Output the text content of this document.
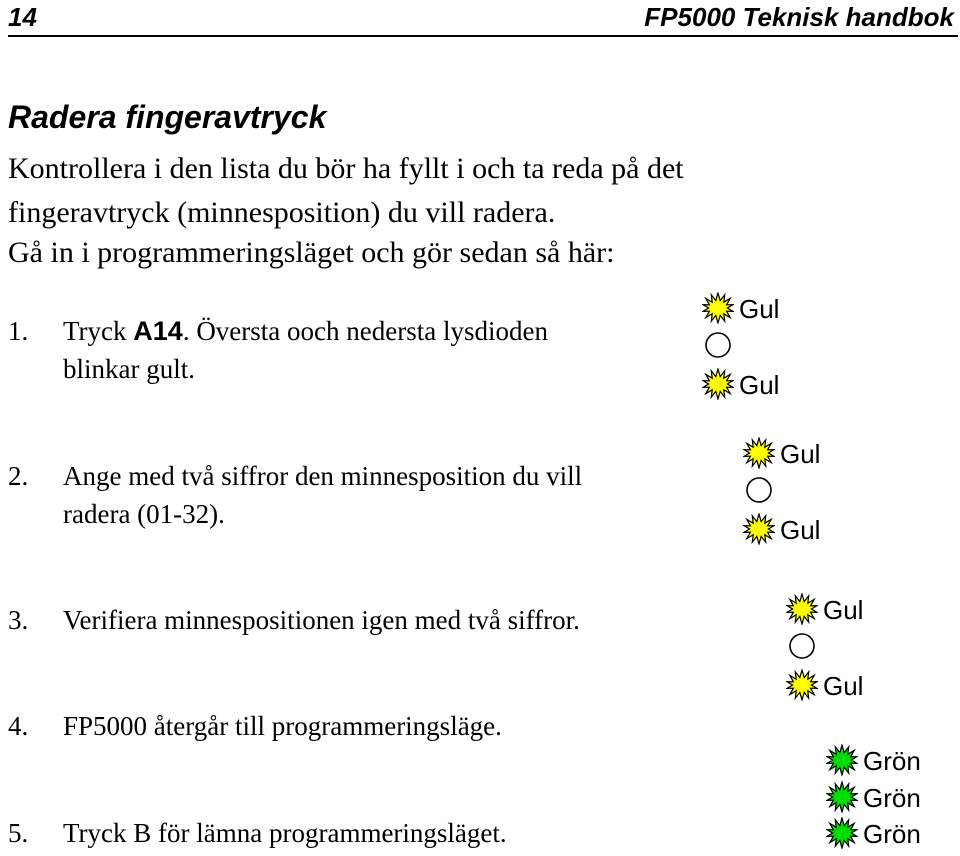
14	FP5000 Teknisk handbok
Radera fingeravtryck
Kontrollera i den lista du bör ha fyllt i och ta reda på det
fingeravtryck (minnesposition) du vill radera.
Gå in i programmeringsläget och gör sedan så här:
1. Tryck A14. Översta ooch nedersta lysdioden
blinkar gult.
Gul
Gul
2. Ange med två siffror den minnesposition du vill
radera (01-32).
Gul
Gul
3. Verifiera minnespositionen igen med två siffror.	Gul
Gul
4. FP5000 återgår till programmeringsläge.
5. Tryck B för lämna programmeringsläget.
Grön
Grön
Grön
